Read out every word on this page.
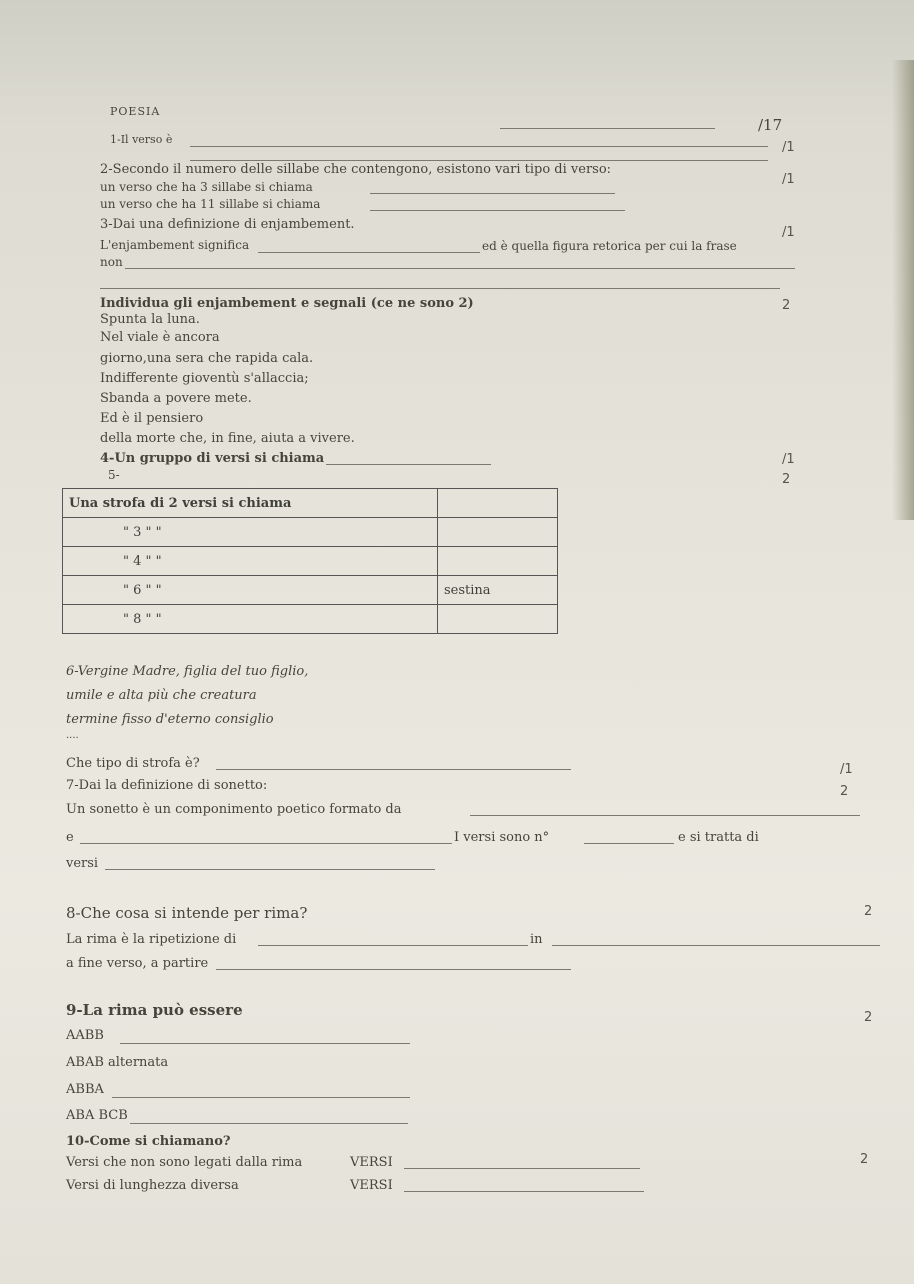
POESIA
/17
1-Il verso è
/1
2-Secondo il numero delle sillabe che contengono, esistono vari tipo di verso:
/1
un verso che ha 3 sillabe si chiama
un verso che ha 11 sillabe si chiama
3-Dai una definizione di enjambement.
/1
L'enjambement significa	ed è quella figura retorica per cui la frase
non
Individua gli enjambement e segnali (ce ne sono 2)	2
Spunta la luna.
Nel viale è ancora
giorno,una sera che rapida cala.
Indifferente gioventù s'allaccia;
Sbanda a povere mete.
Ed è il pensiero
della morte che, in fine, aiuta a vivere.
4-Un gruppo di versi si chiama	/1
5-	2
Una strofa di 2 versi si chiama	
" 3 " "	
" 4 " "	
" 6 " "	sestina
" 8 " "	
6-Vergine Madre, figlia del tuo figlio,
umile e alta più che creatura
termine fisso d'eterno consiglio
....
Che tipo di strofa è?	/1
7-Dai la definizione di sonetto:	2
Un sonetto è un componimento poetico formato da
e	I versi sono n°	e si tratta di
versi
8-Che cosa si intende per rima?	2
La rima è la ripetizione di	in
a fine verso, a partire
9-La rima può essere	2
AABB
ABAB alternata
ABBA
ABA BCB
10-Come si chiamano?
2
Versi che non sono legati dalla rima	VERSI
Versi di lunghezza diversa	VERSI
